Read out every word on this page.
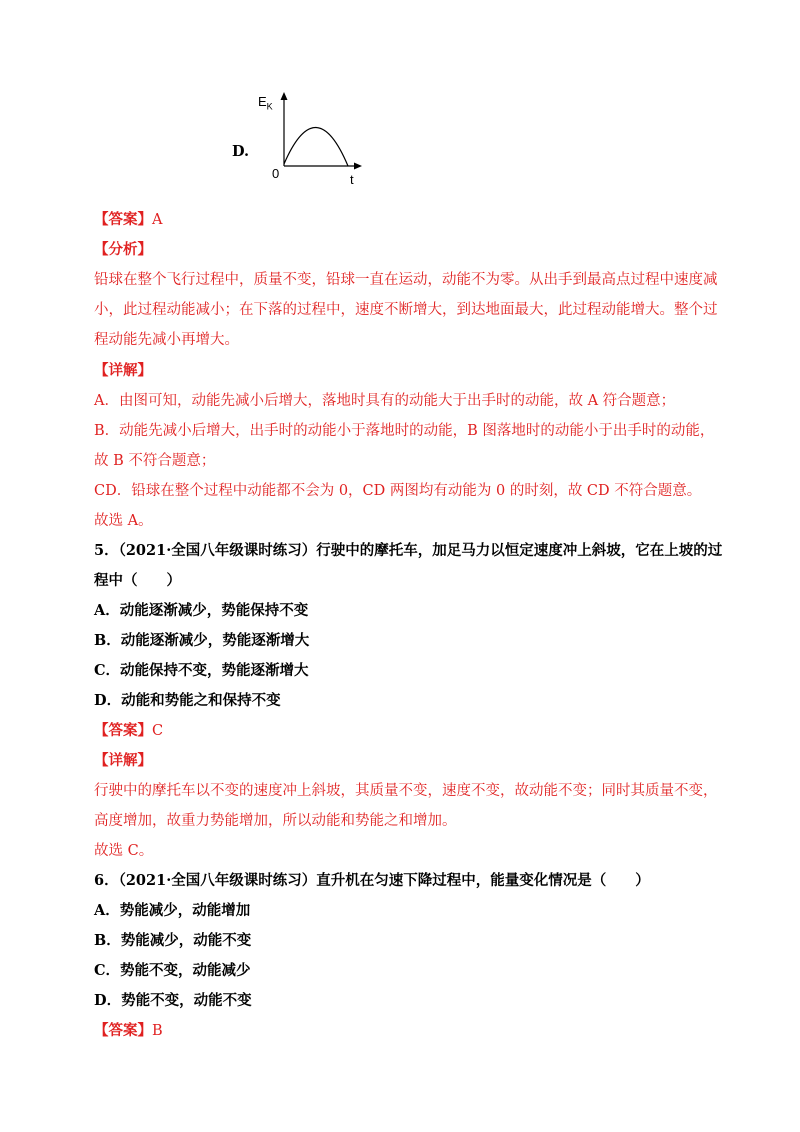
D.
$E_K$
0	t
【答案】A
【分析】
铅球在整个飞行过程中，质量不变，铅球一直在运动，动能不为零。从出手到最高点过程中速度减
小，此过程动能减小；在下落的过程中，速度不断增大，到达地面最大，此过程动能增大。整个过
程动能先减小再增大。
【详解】
A．由图可知，动能先减小后增大，落地时具有的动能大于出手时的动能，故 A 符合题意；
B．动能先减小后增大，出手时的动能小于落地时的动能，B 图落地时的动能小于出手时的动能，
故 B 不符合题意；
CD．铅球在整个过程中动能都不会为 0，CD 两图均有动能为 0 的时刻，故 CD 不符合题意。
故选 A。
5．（2021·全国八年级课时练习）行驶中的摩托车，加足马力以恒定速度冲上斜坡，它在上坡的过
程中（　　）
A．动能逐渐减少，势能保持不变
B．动能逐渐减少，势能逐渐增大
C．动能保持不变，势能逐渐增大
D．动能和势能之和保持不变
【答案】C
【详解】
行驶中的摩托车以不变的速度冲上斜坡，其质量不变，速度不变，故动能不变；同时其质量不变，
高度增加，故重力势能增加，所以动能和势能之和增加。
故选 C。
6．（2021·全国八年级课时练习）直升机在匀速下降过程中，能量变化情况是（　　）
A．势能减少，动能增加
B．势能减少，动能不变
C．势能不变，动能减少
D．势能不变，动能不变
【答案】B
